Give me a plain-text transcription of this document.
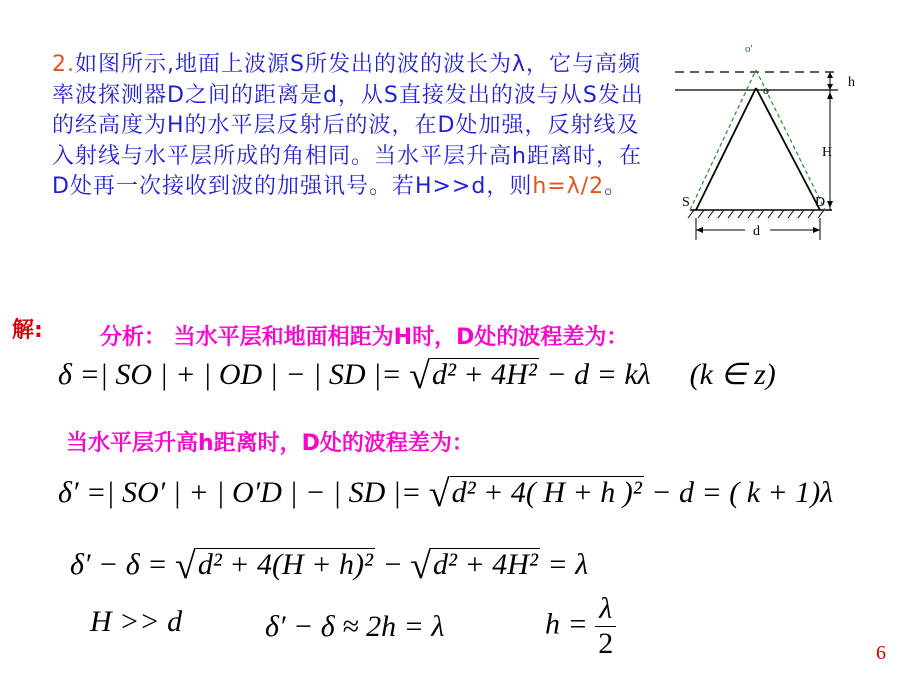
2.如图所示,地面上波源S所发出的波的波长为λ，它与高频率波探测器D之间的距离是d，从S直接发出的波与从S发出的经高度为H的水平层反射后的波，在D处加强，反射线及入射线与水平层所成的角相同。当水平层升高h距离时，在D处再一次接收到波的加强讯号。若H>>d，则h=λ/2。
o'
o	h
H
S	D
d
解:	分析： 当水平层和地面相距为H时，D处的波程差为：
δ =| SO | + | OD | − | SD |= √d² + 4H² − d = kλ (k ∈ z)
当水平层升高h距离时，D处的波程差为：
δ′ =| SO′ | + | O′D | − | SD |= √d² + 4( H + h )² − d = ( k + 1)λ
δ′ − δ = √d² + 4(H + h)² − √d² + 4H² = λ
H >> d	δ′ − δ ≈ 2h = λ	$h = \frac{\lambda}{2}$	6
